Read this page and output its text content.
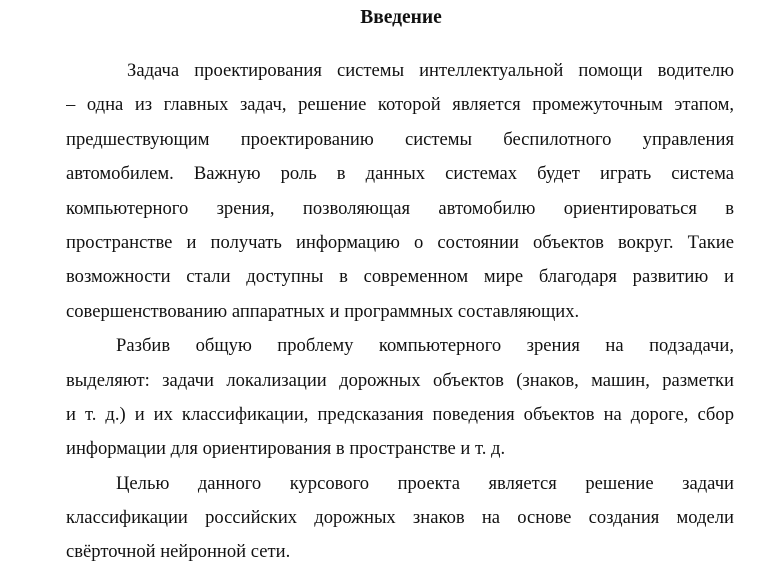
Введение
Задача проектирования системы интеллектуальной помощи водителю
– одна из главных задач, решение которой является промежуточным этапом,
предшествующим проектированию системы беспилотного управления
автомобилем. Важную роль в данных системах будет играть система
компьютерного зрения, позволяющая автомобилю ориентироваться в
пространстве и получать информацию о состоянии объектов вокруг. Такие
возможности стали доступны в современном мире благодаря развитию и
совершенствованию аппаратных и программных составляющих.
Разбив общую проблему компьютерного зрения на подзадачи,
выделяют: задачи локализации дорожных объектов (знаков, машин, разметки
и т. д.) и их классификации, предсказания поведения объектов на дороге, сбор
информации для ориентирования в пространстве и т. д.
Целью данного курсового проекта является решение задачи
классификации российских дорожных знаков на основе создания модели
свёрточной нейронной сети.
